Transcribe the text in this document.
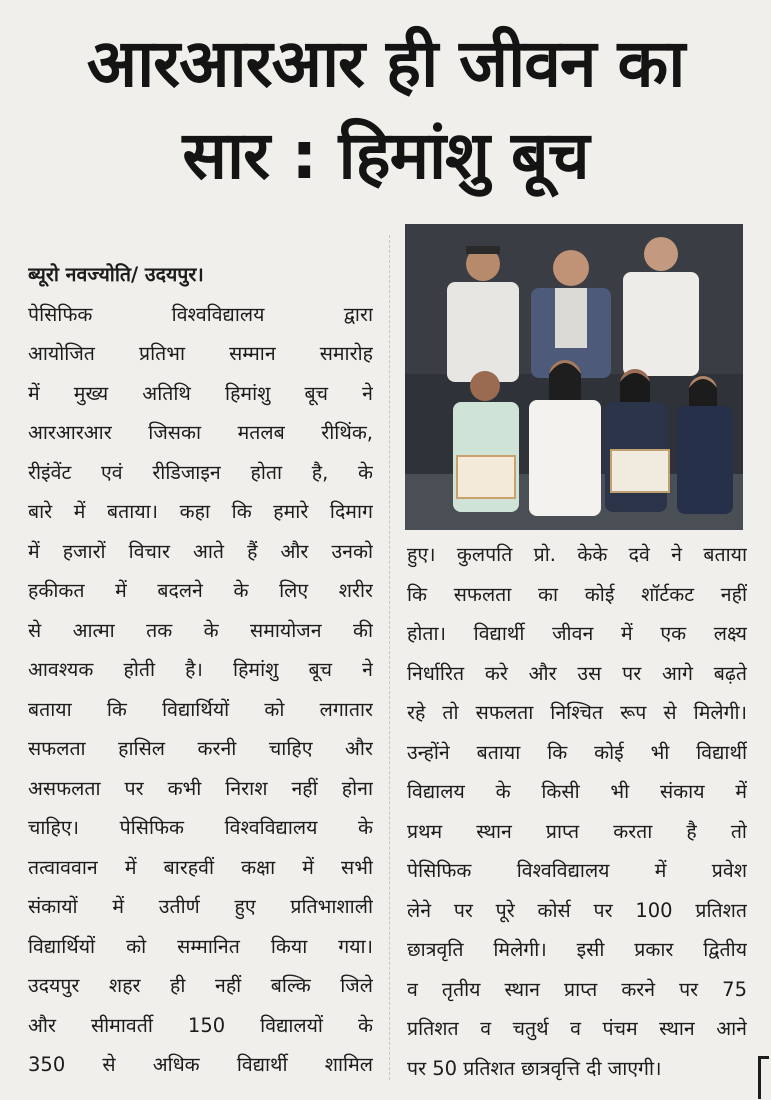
आरआरआर ही जीवन का
सार : हिमांशु बूच
ब्यूरो नवज्योति/ उदयपुर।
पेसिफिक विश्वविद्यालय द्वारा
आयोजित प्रतिभा सम्मान समारोह
में मुख्य अतिथि हिमांशु बूच ने
आरआरआर जिसका मतलब रीथिंक,
रीइंवेंट एवं रीडिजाइन होता है, के
बारे में बताया। कहा कि हमारे दिमाग
में हजारों विचार आते हैं और उनको
हकीकत में बदलने के लिए शरीर
से आत्मा तक के समायोजन की
आवश्यक होती है। हिमांशु बूच ने
बताया कि विद्यार्थियों को लगातार
सफलता हासिल करनी चाहिए और
असफलता पर कभी निराश नहीं होना
चाहिए। पेसिफिक विश्वविद्यालय के
तत्वाववान में बारहवीं कक्षा में सभी
संकायों में उतीर्ण हुए प्रतिभाशाली
विद्यार्थियों को सम्मानित किया गया।
उदयपुर शहर ही नहीं बल्कि जिले
और सीमावर्ती 150 विद्यालयों के
350 से अधिक विद्यार्थी शामिल
हुए। कुलपति प्रो. केके दवे ने बताया
कि सफलता का कोई शॉर्टकट नहीं
होता। विद्यार्थी जीवन में एक लक्ष्य
निर्धारित करे और उस पर आगे बढ़ते
रहे तो सफलता निश्चित रूप से मिलेगी।
उन्होंने बताया कि कोई भी विद्यार्थी
विद्यालय के किसी भी संकाय में
प्रथम स्थान प्राप्त करता है तो
पेसिफिक विश्वविद्यालय में प्रवेश
लेने पर पूरे कोर्स पर 100 प्रतिशत
छात्रवृति मिलेगी। इसी प्रकार द्वितीय
व तृतीय स्थान प्राप्त करने पर 75
प्रतिशत व चतुर्थ व पंचम स्थान आने
पर 50 प्रतिशत छात्रवृत्ति दी जाएगी।
